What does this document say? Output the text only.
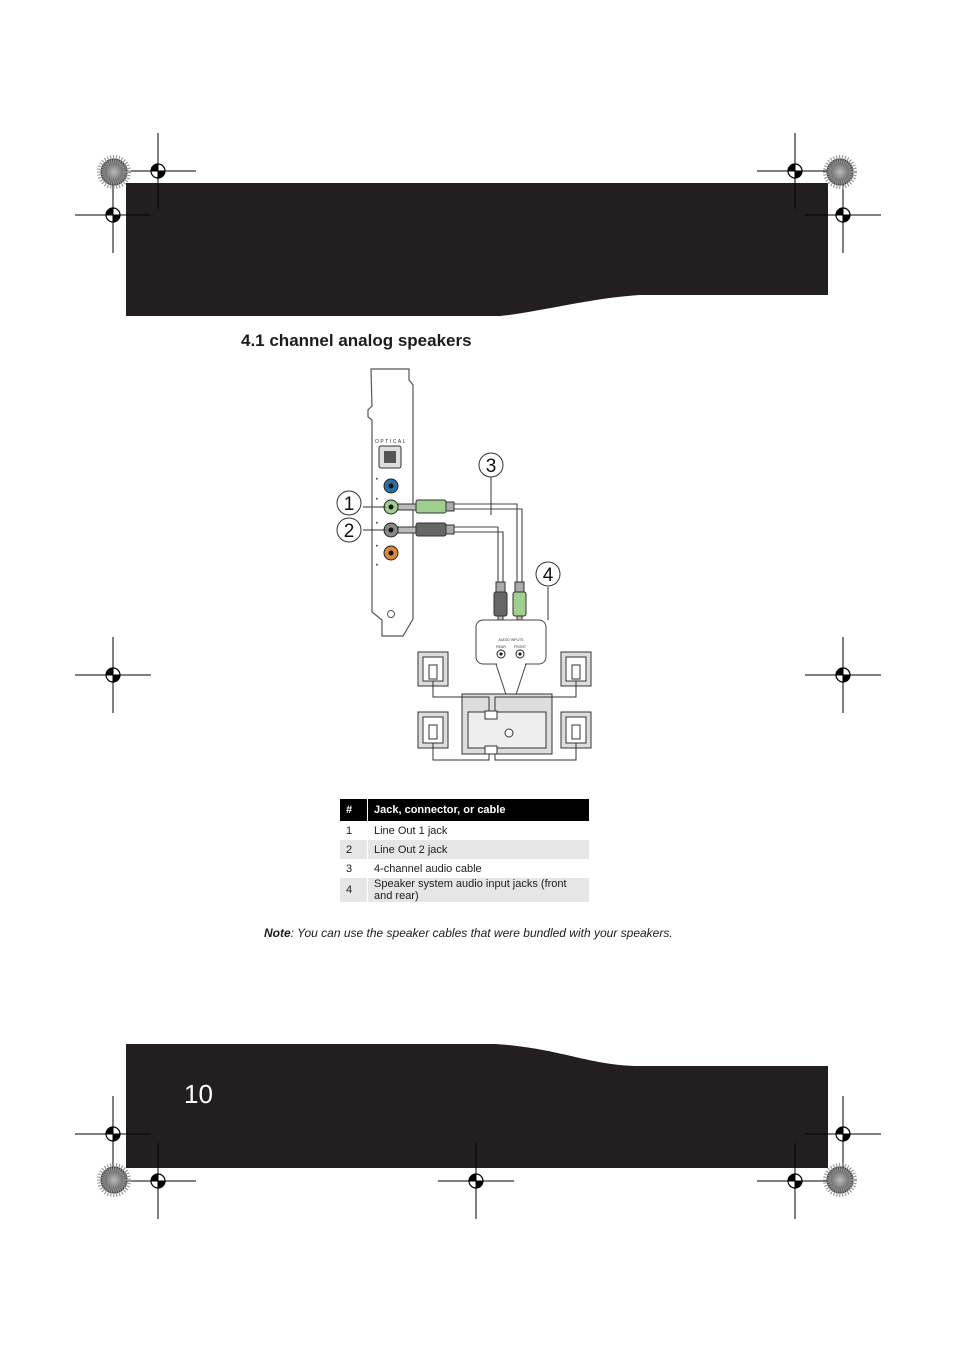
4.1 channel analog speakers
OPTICAL
▸
▸
▸
▸
▸
1
2
3
4
AUDIO INPUTS
REAR FRONT
#	Jack, connector, or cable
1	Line Out 1 jack
2	Line Out 2 jack
3	4-channel audio cable
4	Speaker system audio input jacks (front and rear)

Note: You can use the speaker cables that were bundled with your speakers.

10
